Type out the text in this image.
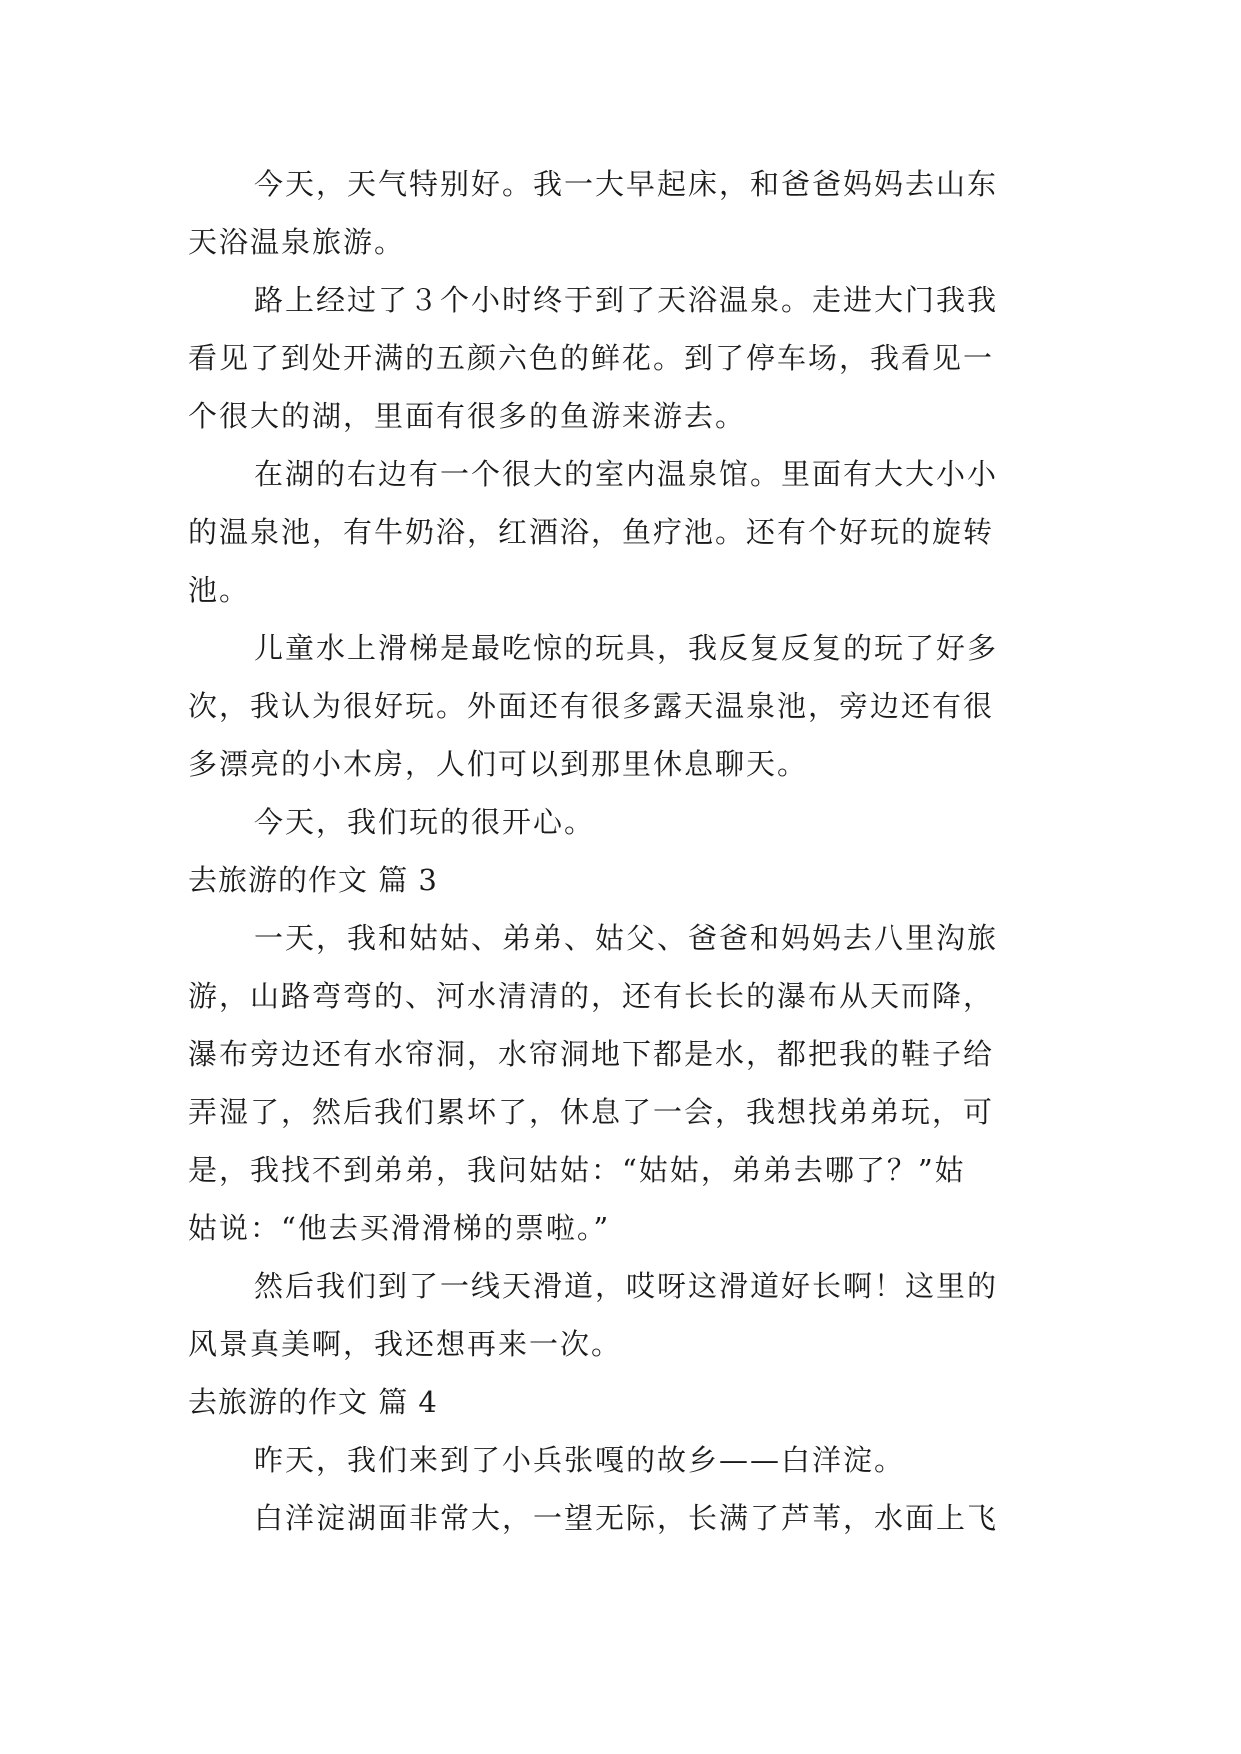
今天，天气特别好。我一大早起床，和爸爸妈妈去山东
天浴温泉旅游。
路上经过了３个小时终于到了天浴温泉。走进大门我我
看见了到处开满的五颜六色的鲜花。到了停车场，我看见一
个很大的湖，里面有很多的鱼游来游去。
在湖的右边有一个很大的室内温泉馆。里面有大大小小
的温泉池，有牛奶浴，红酒浴，鱼疗池。还有个好玩的旋转
池。
儿童水上滑梯是最吃惊的玩具，我反复反复的玩了好多
次，我认为很好玩。外面还有很多露天温泉池，旁边还有很
多漂亮的小木房，人们可以到那里休息聊天。
今天，我们玩的很开心。
去旅游的作文 篇 3
一天，我和姑姑、弟弟、姑父、爸爸和妈妈去八里沟旅
游，山路弯弯的、河水清清的，还有长长的瀑布从天而降，
瀑布旁边还有水帘洞，水帘洞地下都是水，都把我的鞋子给
弄湿了，然后我们累坏了，休息了一会，我想找弟弟玩，可
是，我找不到弟弟，我问姑姑：“姑姑，弟弟去哪了？”姑
姑说：“他去买滑滑梯的票啦。”
然后我们到了一线天滑道，哎呀这滑道好长啊！这里的
风景真美啊，我还想再来一次。
去旅游的作文 篇 4
昨天，我们来到了小兵张嘎的故乡——白洋淀。
白洋淀湖面非常大，一望无际，长满了芦苇，水面上飞
